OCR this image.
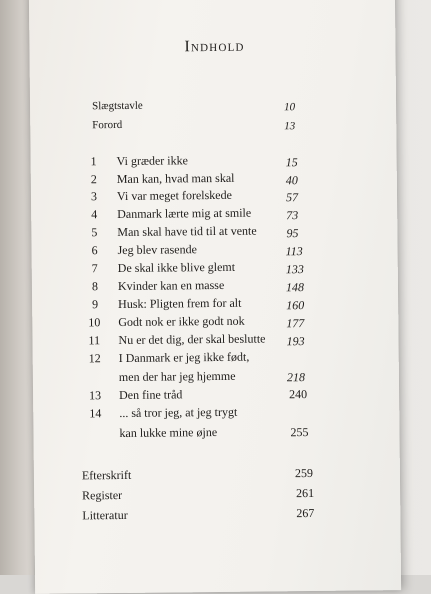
Indhold
Slægtstavle	10
Forord	13
1 Vi græder ikke	15
2 Man kan, hvad man skal	40
3 Vi var meget forelskede	57
4 Danmark lærte mig at smile	73
5 Man skal have tid til at vente 95
6 Jeg blev rasende	113
7 De skal ikke blive glemt	133
8 Kvinder kan en masse	148
9 Husk: Pligten frem for alt	160
10 Godt nok er ikke godt nok	177
11 Nu er det dig, der skal beslutte 193
12 I Danmark er jeg ikke født,
men der har jeg hjemme	218
13 Den fine tråd	240
14 ... så tror jeg, at jeg trygt
kan lukke mine øjne	255
Efterskrift	259
Register	261
Litteratur	267
